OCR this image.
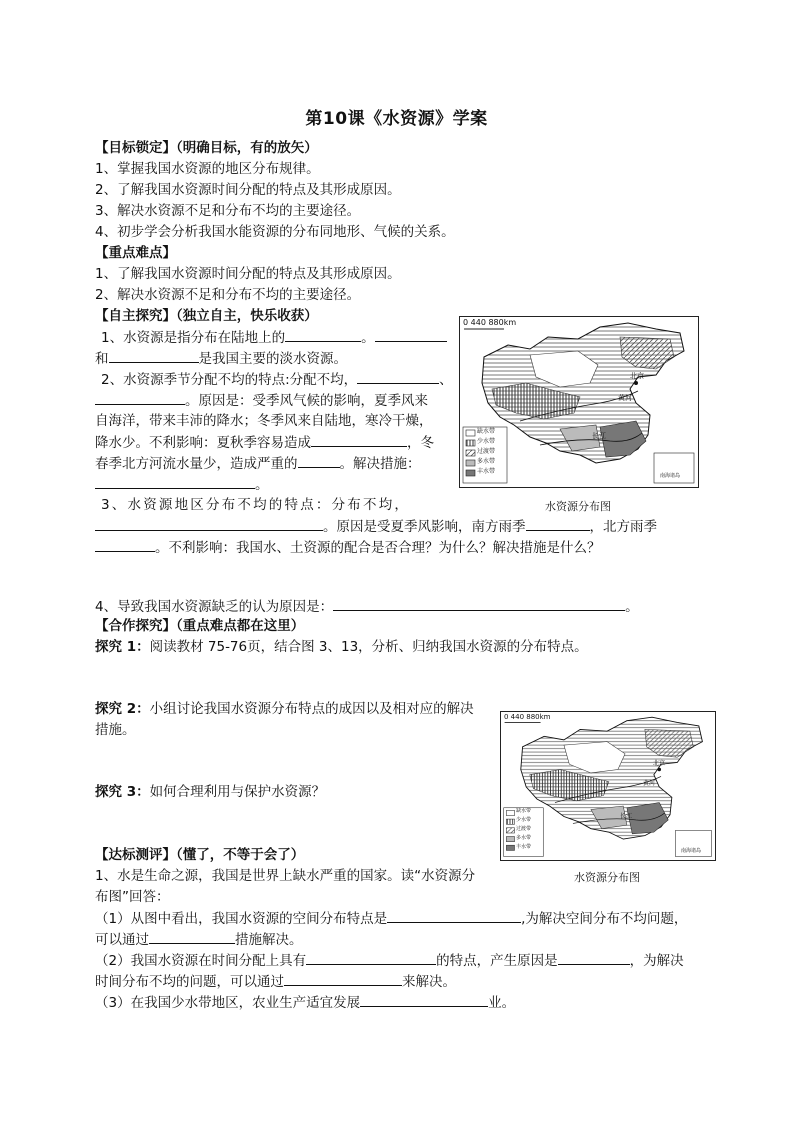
第10课《水资源》学案
【目标锁定】（明确目标，有的放矢）
1、掌握我国水资源的地区分布规律。
2、了解我国水资源时间分配的特点及其形成原因。
3、解决水资源不足和分布不均的主要途径。
4、初步学会分析我国水能资源的分布同地形、气候的关系。
【重点难点】
1、了解我国水资源时间分配的特点及其形成原因。
2、解决水资源不足和分布不均的主要途径。
【自主探究】（独立自主，快乐收获）
1、水资源是指分布在陆地上的	。
和	是我国主要的淡水资源。
2、水资源季节分配不均的特点:分配不均，	、
。原因是：受季风气候的影响，夏季风来
自海洋，带来丰沛的降水；冬季风来自陆地，寒冷干燥，
降水少。不利影响：夏秋季容易造成	，冬
春季北方河流水量少，造成严重的	。解决措施：
。
3、水资源地区分布不均的特点：分布不均，
。原因是受夏季风影响，南方雨季	，北方雨季
。不利影响：我国水、土资源的配合是否合理？为什么？解决措施是什么？
4、导致我国水资源缺乏的认为原因是：	。
【合作探究】（重点难点都在这里）
探究 1：阅读教材 75-76页，结合图 3、13，分析、归纳我国水资源的分布特点。
探究 2：小组讨论我国水资源分布特点的成因以及相对应的解决
措施。
探究 3：如何合理利用与保护水资源？
【达标测评】（懂了，不等于会了）
1、水是生命之源，我国是世界上缺水严重的国家。读“水资源分
布图”回答：
（1）从图中看出，我国水资源的空间分布特点是	,为解决空间分布不均问题，
可以通过	措施解决。
（2）我国水资源在时间分配上具有	的特点，产生原因是	，为解决
时间分布不均的问题，可以通过	来解决。
（3）在我国少水带地区，农业生产适宜发展	业。
0 440 880km
北京
黄河
长江
缺水带
少水带
过渡带
多水带
丰水带
南海诸岛
水资源分布图
0 440 880km
北京
黄河
长江
缺水带
少水带
过渡带
多水带
丰水带
南海诸岛
水资源分布图
